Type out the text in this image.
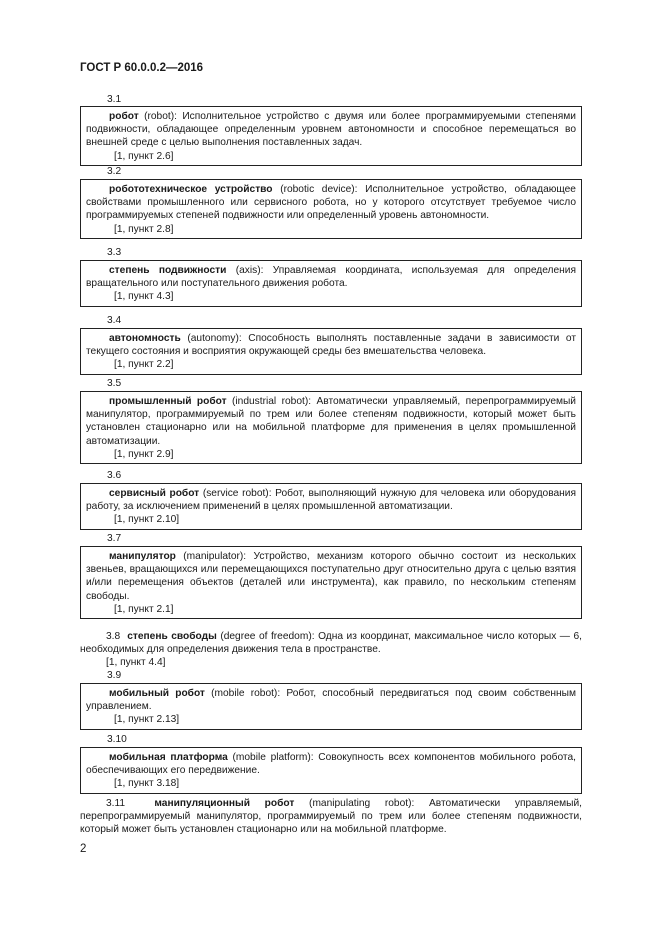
ГОСТ Р 60.0.0.2—2016
3.1

робот (robot): Исполнительное устройство с двумя или более программируемыми степенями подвижности, обладающее определенным уровнем автономности и способное перемещаться во внешней среде с целью выполнения поставленных задач.

[1, пункт 2.6]

3.2

робототехническое устройство (robotic device): Исполнительное устройство, обладающее свойствами промышленного или сервисного робота, но у которого отсутствует требуемое число программируемых степеней подвижности или определенный уровень автономности.

[1, пункт 2.8]

3.3

степень подвижности (axis): Управляемая координата, используемая для определения вращательного или поступательного движения робота.

[1, пункт 4.3]

3.4

автономность (autonomy): Способность выполнять поставленные задачи в зависимости от текущего состояния и восприятия окружающей среды без вмешательства человека.

[1, пункт 2.2]

3.5

промышленный робот (industrial robot): Автоматически управляемый, перепрограммируемый манипулятор, программируемый по трем или более степеням подвижности, который может быть установлен стационарно или на мобильной платформе для применения в целях промышленной автоматизации.

[1, пункт 2.9]

3.6

сервисный робот (service robot): Робот, выполняющий нужную для человека или оборудования работу, за исключением применений в целях промышленной автоматизации.

[1, пункт 2.10]

3.7

манипулятор (manipulator): Устройство, механизм которого обычно состоит из нескольких звеньев, вращающихся или перемещающихся поступательно друг относительно друга с целью взятия и/или перемещения объектов (деталей или инструмента), как правило, по нескольким степеням свободы.

[1, пункт 2.1]

3.8 степень свободы (degree of freedom): Одна из координат, максимальное число которых — 6, необходимых для определения движения тела в пространстве.

[1, пункт 4.4]

3.9

мобильный робот (mobile robot): Робот, способный передвигаться под своим собственным управлением.

[1, пункт 2.13]

3.10

мобильная платформа (mobile platform): Совокупность всех компонентов мобильного робота, обеспечивающих его передвижение.

[1, пункт 3.18]

3.11	манипуляционный робот (manipulating robot): Автоматически управляемый, перепрограммируемый манипулятор, программируемый по трем или более степеням подвижности, который может быть установлен стационарно или на мобильной платформе.

2
